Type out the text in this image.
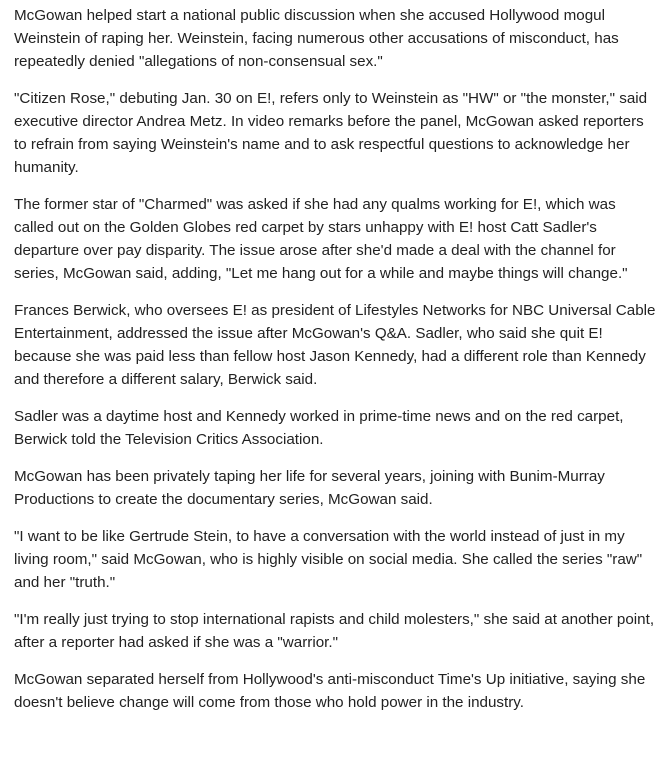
McGowan helped start a national public discussion when she accused Hollywood mogul Weinstein of raping her. Weinstein, facing numerous other accusations of misconduct, has repeatedly denied "allegations of non-consensual sex."

"Citizen Rose," debuting Jan. 30 on E!, refers only to Weinstein as "HW" or "the monster," said executive director Andrea Metz. In video remarks before the panel, McGowan asked reporters to refrain from saying Weinstein's name and to ask respectful questions to acknowledge her humanity.

The former star of "Charmed" was asked if she had any qualms working for E!, which was called out on the Golden Globes red carpet by stars unhappy with E! host Catt Sadler's departure over pay disparity. The issue arose after she'd made a deal with the channel for series, McGowan said, adding, "Let me hang out for a while and maybe things will change."

Frances Berwick, who oversees E! as president of Lifestyles Networks for NBC Universal Cable Entertainment, addressed the issue after McGowan's Q&A. Sadler, who said she quit E! because she was paid less than fellow host Jason Kennedy, had a different role than Kennedy and therefore a different salary, Berwick said.

Sadler was a daytime host and Kennedy worked in prime-time news and on the red carpet, Berwick told the Television Critics Association.

McGowan has been privately taping her life for several years, joining with Bunim-Murray Productions to create the documentary series, McGowan said.

"I want to be like Gertrude Stein, to have a conversation with the world instead of just in my living room," said McGowan, who is highly visible on social media. She called the series "raw" and her "truth."

"I'm really just trying to stop international rapists and child molesters," she said at another point, after a reporter had asked if she was a "warrior."

McGowan separated herself from Hollywood's anti-misconduct Time's Up initiative, saying she doesn't believe change will come from those who hold power in the industry.
